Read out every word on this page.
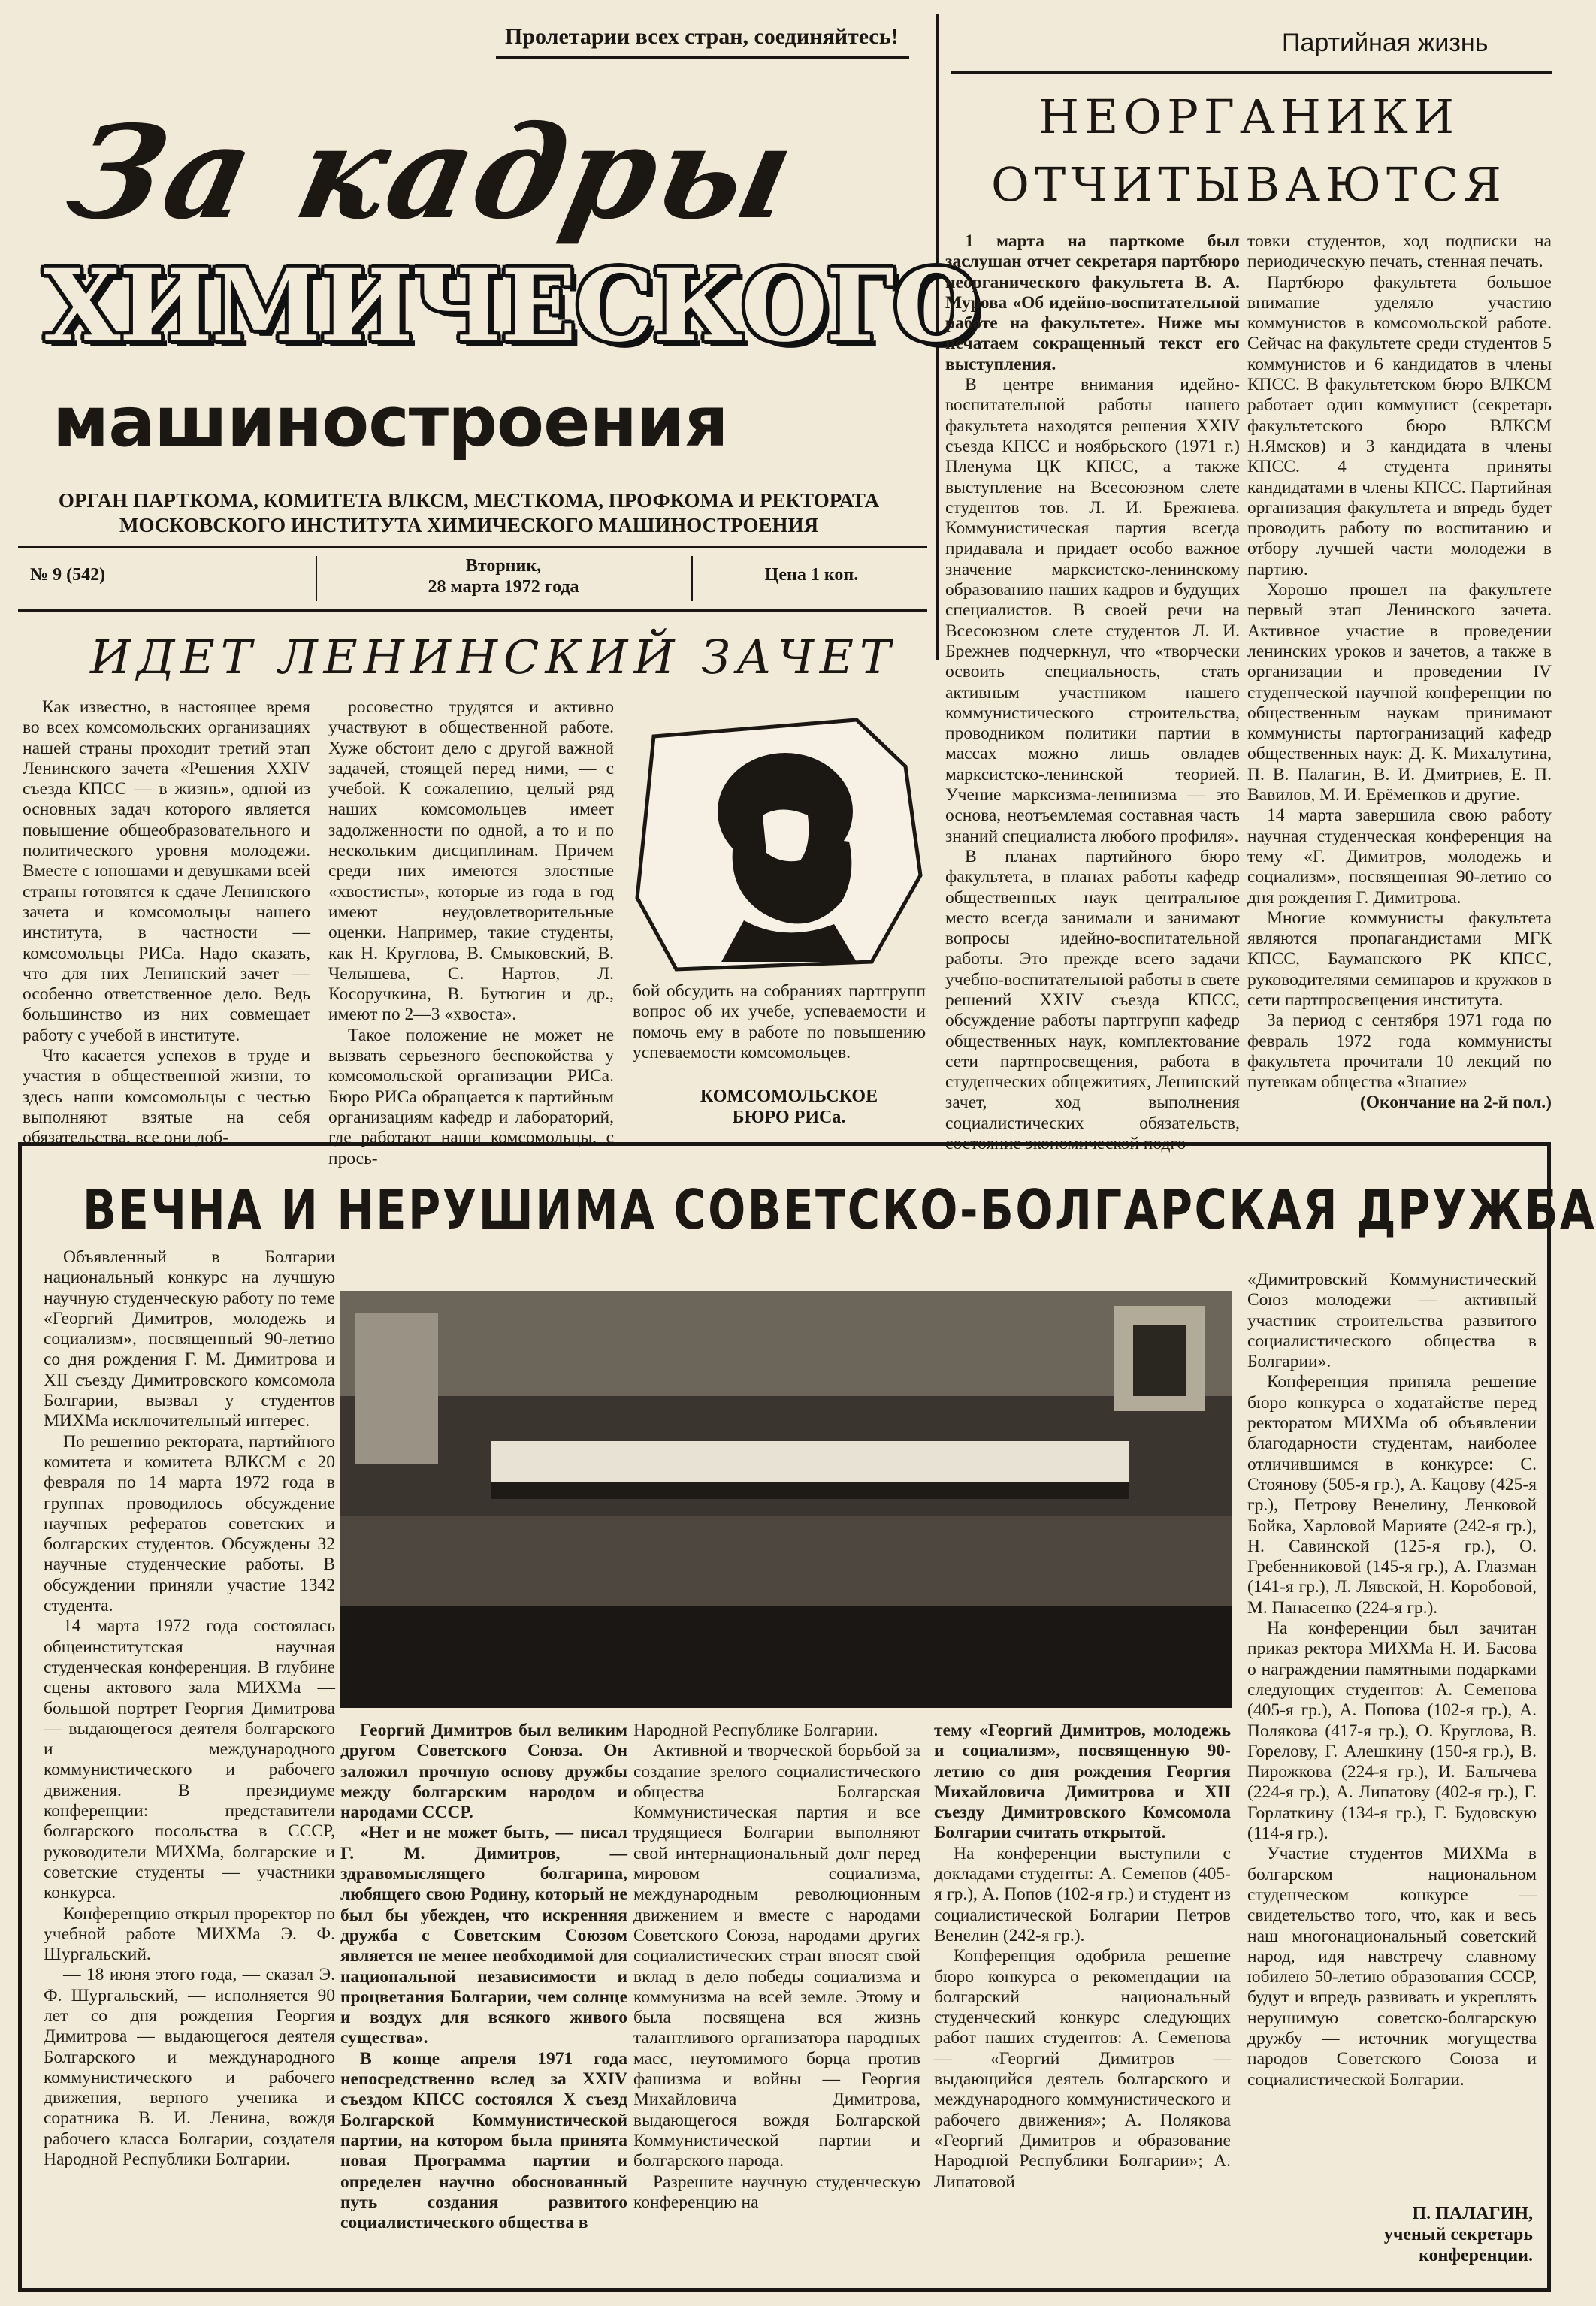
Пролетарии всех стран, соединяйтесь!	Партийная жизнь
За кадры
ХИМИЧЕСКОГО
машиностроения
ОРГАН ПАРТКОМА, КОМИТЕТА ВЛКСМ, МЕСТКОМА, ПРОФКОМА И РЕКТОРАТА
МОСКОВСКОГО ИНСТИТУТА ХИМИЧЕСКОГО МАШИНОСТРОЕНИЯ
№ 9 (542)	Вторник,
28 марта 1972 года
Цена 1 коп.
ИДЕТ ЛЕНИНСКИЙ ЗАЧЕТ

Как известно, в настоящее время во всех комсомольских организациях нашей страны проходит третий этап Ленинского зачета «Решения XXIV съезда КПСС — в жизнь», одной из основных задач которого является повышение общеобразовательного и политического уровня молодежи. Вместе с юношами и девушками всей страны готовятся к сдаче Ленинского зачета и комсомольцы нашего института, в частности — комсомольцы РИСа. Надо сказать, что для них Ленинский зачет — особенно ответственное дело. Ведь большинство из них совмещает работу с учебой в институте.

Что касается успехов в труде и участия в общественной жизни, то здесь наши комсомольцы с честью выполняют взятые на себя обязательства, все они доб-

росовестно трудятся и активно участвуют в общественной работе. Хуже обстоит дело с другой важной задачей, стоящей перед ними, — с учебой. К сожалению, целый ряд наших комсомольцев имеет задолженности по одной, а то и по нескольким дисциплинам. Причем среди них имеются злостные «хвостисты», которые из года в год имеют неудовлетворительные оценки. Например, такие студенты, как Н. Круглова, В. Смыковский, В. Челышева, С. Нартов, Л. Косоручкина, В. Бутюгин и др., имеют по 2—3 «хвоста».

Такое положение не может не вызвать серьезного беспокойства у комсомольской организации РИСа. Бюро РИСа обращается к партийным организациям кафедр и лабораторий, где работают наши комсомольцы, с прось-

бой обсудить на собраниях партгрупп вопрос об их учебе, успеваемости и помочь ему в работе по повышению успеваемости комсомольцев.

КОМСОМОЛЬСКОЕ
БЮРО РИСа.
НЕОРГАНИКИ
ОТЧИТЫВАЮТСЯ

1 марта на парткоме был заслушан отчет секретаря партбюро неорганического факультета В. А. Мурова «Об идейно-воспитательной работе на факультете». Ниже мы печатаем сокращенный текст его выступления.

В центре внимания идейно-воспитательной работы нашего факультета находятся решения XXIV съезда КПСС и ноябрьского (1971 г.) Пленума ЦК КПСС, а также выступление на Всесоюзном слете студентов тов. Л. И. Брежнева. Коммунистическая партия всегда придавала и придает особо важное значение марксистско-ленинскому образованию наших кадров и будущих специалистов. В своей речи на Всесоюзном слете студентов Л. И. Брежнев подчеркнул, что «творчески освоить специальность, стать активным участником нашего коммунистического строительства, проводником политики партии в массах можно лишь овладев марксистско-ленинской теорией. Учение марксизма-ленинизма — это основа, неотъемлемая составная часть знаний специалиста любого профиля».

В планах партийного бюро факультета, в планах работы кафедр общественных наук центральное место всегда занимали и занимают вопросы идейно-воспитательной работы. Это прежде всего задачи учебно-воспитательной работы в свете решений XXIV съезда КПСС, обсуждение работы партгрупп кафедр общественных наук, комплектование сети партпросвещения, работа в студенческих общежитиях, Ленинский зачет, ход выполнения социалистических обязательств, состояние экономической подго-

товки студентов, ход подписки на периодическую печать, стенная печать.

Партбюро факультета большое внимание уделяло участию коммунистов в комсомольской работе. Сейчас на факультете среди студентов 5 коммунистов и 6 кандидатов в члены КПСС. В факультетском бюро ВЛКСМ работает один коммунист (секретарь факультетского бюро ВЛКСМ Н.Ямсков) и 3 кандидата в члены КПСС. 4 студента приняты кандидатами в члены КПСС. Партийная организация факультета и впредь будет проводить работу по воспитанию и отбору лучшей части молодежи в партию.

Хорошо прошел на факультете первый этап Ленинского зачета. Активное участие в проведении ленинских уроков и зачетов, а также в организации и проведении IV студенческой научной конференции по общественным наукам принимают коммунисты партогранизаций кафедр общественных наук: Д. К. Михалутина, П. В. Палагин, В. И. Дмитриев, Е. П. Вавилов, М. И. Ерёменков и другие.

14 марта завершила свою работу научная студенческая конференция на тему «Г. Димитров, молодежь и социализм», посвященная 90-летию со дня рождения Г. Димитрова.

Многие коммунисты факультета являются пропагандистами МГК КПСС, Бауманского РК КПСС, руководителями семинаров и кружков в сети партпросвещения института.

За период с сентября 1971 года по февраль 1972 года коммунисты факультета прочитали 10 лекций по путевкам общества «Знание»

(Окончание на 2-й пол.)

ВЕЧНА И НЕРУШИМА СОВЕТСКО-БОЛГАРСКАЯ ДРУЖБА

Объявленный в Болгарии национальный конкурс на лучшую научную студенческую работу по теме «Георгий Димитров, молодежь и социализм», посвященный 90-летию со дня рождения Г. М. Димитрова и XII съезду Димитровского комсомола Болгарии, вызвал у студентов МИХМа исключительный интерес.

По решению ректората, партийного комитета и комитета ВЛКСМ с 20 февраля по 14 марта 1972 года в группах проводилось обсуждение научных рефератов советских и болгарских студентов. Обсуждены 32 научные студенческие работы. В обсуждении приняли участие 1342 студента.

14 марта 1972 года состоялась общеинститутская научная студенческая конференция. В глубине сцены актового зала МИХМа — большой портрет Георгия Димитрова — выдающегося деятеля болгарского и международного коммунистического и рабочего движения. В президиуме конференции: представители болгарского посольства в СССР, руководители МИХМа, болгарские и советские студенты — участники конкурса.

Конференцию открыл проректор по учебной работе МИХМа Э. Ф. Шургальский.

— 18 июня этого года, — сказал Э. Ф. Шургальский, — исполняется 90 лет со дня рождения Георгия Димитрова — выдающегося деятеля Болгарского и международного коммунистического и рабочего движения, верного ученика и соратника В. И. Ленина, вождя рабочего класса Болгарии, создателя Народной Республики Болгарии.

Георгий Димитров был великим другом Советского Союза. Он заложил прочную основу дружбы между болгарским народом и народами СССР.

«Нет и не может быть, — писал Г. М. Димитров, — здравомыслящего болгарина, любящего свою Родину, который не был бы убежден, что искренняя дружба с Советским Союзом является не менее необходимой для национальной независимости и процветания Болгарии, чем солнце и воздух для всякого живого существа».

В конце апреля 1971 года непосредственно вслед за XXIV съездом КПСС состоялся X съезд Болгарской Коммунистической партии, на котором была принята новая Программа партии и определен научно обоснованный путь создания развитого социалистического общества в

Народной Республике Болгарии.

Активной и творческой борьбой за создание зрелого социалистического общества Болгарская Коммунистическая партия и все трудящиеся Болгарии выполняют свой интернациональный долг перед мировом социализма, международным революционным движением и вместе с народами Советского Союза, народами других социалистических стран вносят свой вклад в дело победы социализма и коммунизма на всей земле. Этому и была посвящена вся жизнь талантливого организатора народных масс, неутомимого борца против фашизма и войны — Георгия Михайловича Димитрова, выдающегося вождя Болгарской Коммунистической партии и болгарского народа.

Разрешите научную студенческую конференцию на

тему «Георгий Димитров, молодежь и социализм», посвященную 90-летию со дня рождения Георгия Михайловича Димитрова и XII съезду Димитровского Комсомола Болгарии считать открытой.

На конференции выступили с докладами студенты: А. Семенов (405-я гр.), А. Попов (102-я гр.) и студент из социалистической Болгарии Петров Венелин (242-я гр.).

Конференция одобрила решение бюро конкурса о рекомендации на болгарский национальный студенческий конкурс следующих работ наших студентов: А. Семенова — «Георгий Димитров — выдающийся деятель болгарского и международного коммунистического и рабочего движения»; А. Полякова «Георгий Димитров и образование Народной Республики Болгарии»; А. Липатовой

«Димитровский Коммунистический Союз молодежи — активный участник строительства развитого социалистического общества в Болгарии».

Конференция приняла решение бюро конкурса о ходатайстве перед ректоратом МИХМа об объявлении благодарности студентам, наиболее отличившимся в конкурсе: С. Стоянову (505-я гр.), А. Кацову (425-я гр.), Петрову Венелину, Ленковой Бойка, Харловой Марияте (242-я гр.), Н. Савинской (125-я гр.), О. Гребенниковой (145-я гр.), А. Глазман (141-я гр.), Л. Лявской, Н. Коробовой, М. Панасенко (224-я гр.).

На конференции был зачитан приказ ректора МИХМа Н. И. Басова о награждении памятными подарками следующих студентов: А. Семенова (405-я гр.), А. Попова (102-я гр.), А. Полякова (417-я гр.), О. Круглова, В. Горелову, Г. Алешкину (150-я гр.), В. Пирожкова (224-я гр.), И. Балычева (224-я гр.), А. Липатову (402-я гр.), Г. Горлаткину (134-я гр.), Г. Будовскую (114-я гр.).

Участие студентов МИХМа в болгарском национальном студенческом конкурсе — свидетельство того, что, как и весь наш многонациональный советский народ, идя навстречу славному юбилею 50-летию образования СССР, будут и впредь развивать и укреплять нерушимую советско-болгарскую дружбу — источник могущества народов Советского Союза и социалистической Болгарии.

П. ПАЛАГИН,
ученый секретарь
конференции.
